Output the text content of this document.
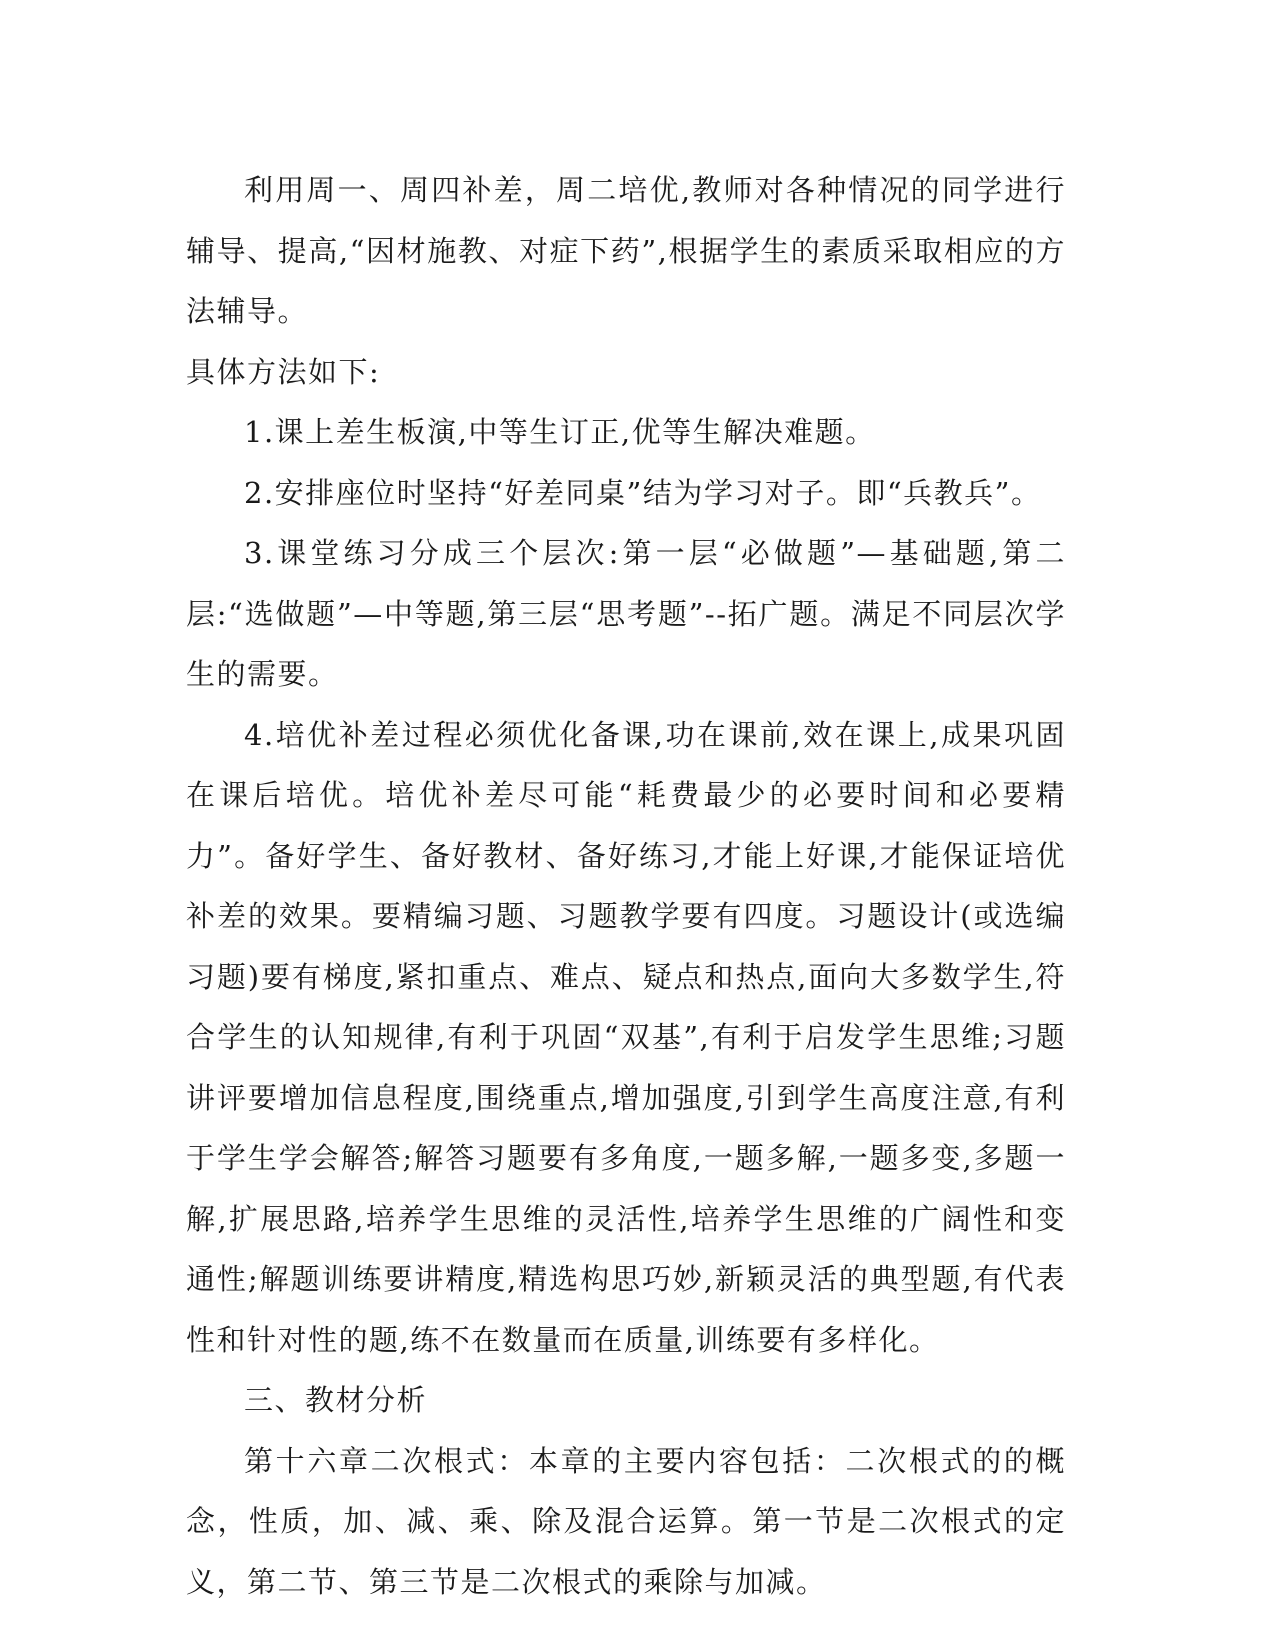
利用周一、周四补差，周二培优,教师对各种情况的同学进行辅导、提高,“因材施教、对症下药”,根据学生的素质采取相应的方法辅导。

具体方法如下:

1.课上差生板演,中等生订正,优等生解决难题。

2.安排座位时坚持“好差同桌”结为学习对子。即“兵教兵”。

3.课堂练习分成三个层次:第一层“必做题”—基础题,第二层:“选做题”—中等题,第三层“思考题”--拓广题。满足不同层次学生的需要。

4.培优补差过程必须优化备课,功在课前,效在课上,成果巩固在课后培优。培优补差尽可能“耗费最少的必要时间和必要精力”。备好学生、备好教材、备好练习,才能上好课,才能保证培优补差的效果。要精编习题、习题教学要有四度。习题设计(或选编习题)要有梯度,紧扣重点、难点、疑点和热点,面向大多数学生,符合学生的认知规律,有利于巩固“双基”,有利于启发学生思维;习题讲评要增加信息程度,围绕重点,增加强度,引到学生高度注意,有利于学生学会解答;解答习题要有多角度,一题多解,一题多变,多题一解,扩展思路,培养学生思维的灵活性,培养学生思维的广阔性和变通性;解题训练要讲精度,精选构思巧妙,新颖灵活的典型题,有代表性和针对性的题,练不在数量而在质量,训练要有多样化。

三、教材分析

第十六章二次根式：本章的主要内容包括：二次根式的的概念，性质，加、减、乘、除及混合运算。第一节是二次根式的定义，第二节、第三节是二次根式的乘除与加减。
